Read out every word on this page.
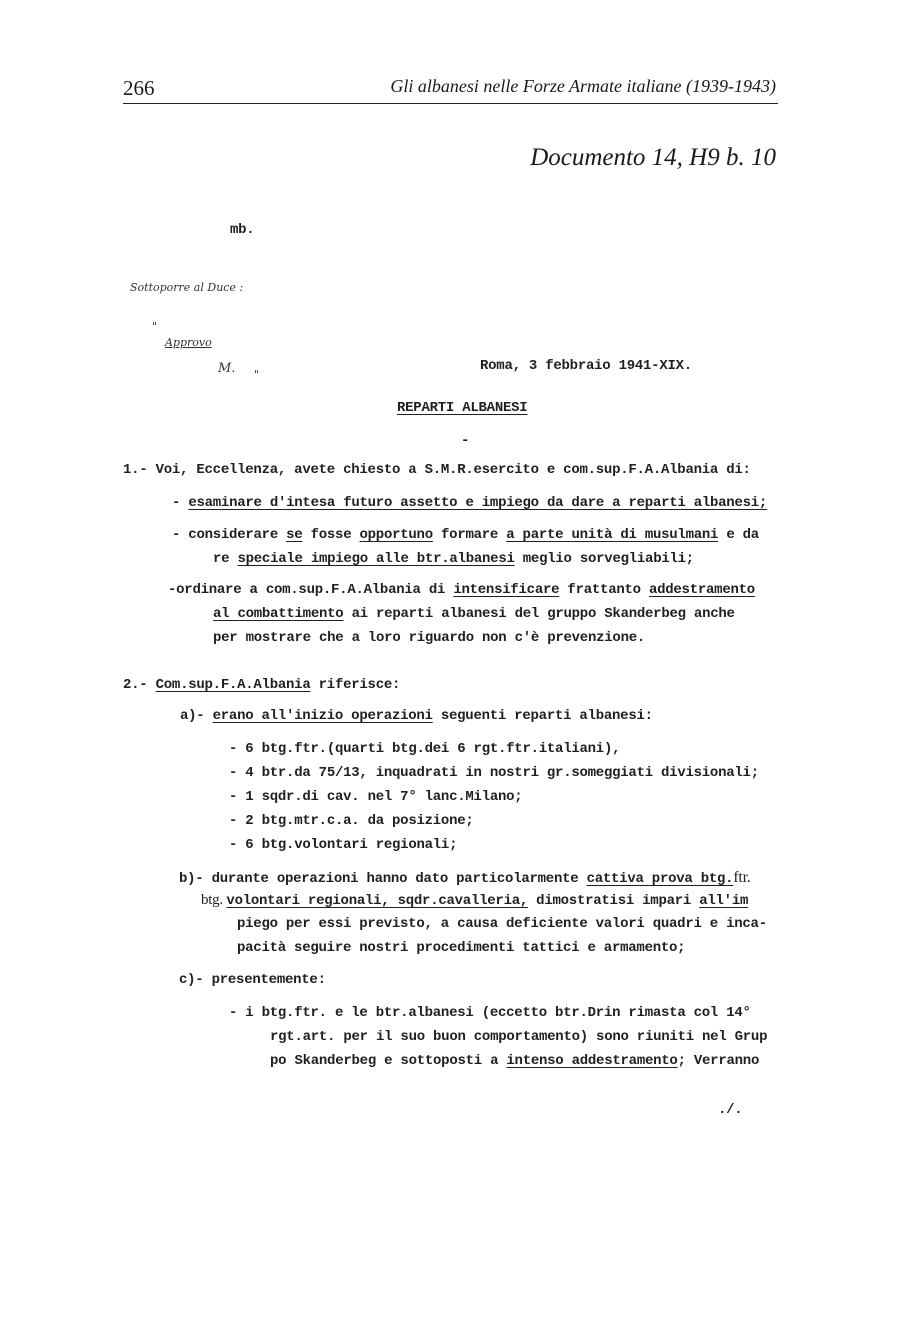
266	Gli albanesi nelle Forze Armate italiane (1939-1943)
Documento 14, H9 b. 10
mb.
Sottoporre al Duce :
"
Approvo
M. "
Roma, 3 febbraio 1941-XIX.
REPARTI ALBANESI
-
1.- Voi, Eccellenza, avete chiesto a S.M.R.esercito e com.sup.F.A.Albania di:
- esaminare d'intesa futuro assetto e impiego da dare a reparti albanesi;
- considerare se fosse opportuno formare a parte unità di musulmani e da
re speciale impiego alle btr.albanesi meglio sorvegliabili;
-ordinare a com.sup.F.A.Albania di intensificare frattanto addestramento
al combattimento ai reparti albanesi del gruppo Skanderbeg anche
per mostrare che a loro riguardo non c'è prevenzione.
2.- Com.sup.F.A.Albania riferisce:
a)- erano all'inizio operazioni seguenti reparti albanesi:
- 6 btg.ftr.(quarti btg.dei 6 rgt.ftr.italiani),
- 4 btr.da 75/13, inquadrati in nostri gr.someggiati divisionali;
- 1 sqdr.di cav. nel 7° lanc.Milano;
- 2 btg.mtr.c.a. da posizione;
- 6 btg.volontari regionali;
b)- durante operazioni hanno dato particolarmente cattiva prova btg.ftr.
btg. volontari regionali, sqdr.cavalleria, dimostratisi impari all'im
piego per essi previsto, a causa deficiente valori quadri e inca-
pacità seguire nostri procedimenti tattici e armamento;
c)- presentemente:
- i btg.ftr. e le btr.albanesi (eccetto btr.Drin rimasta col 14°
rgt.art. per il suo buon comportamento) sono riuniti nel Grup
po Skanderbeg e sottoposti a intenso addestramento; Verranno
./.
